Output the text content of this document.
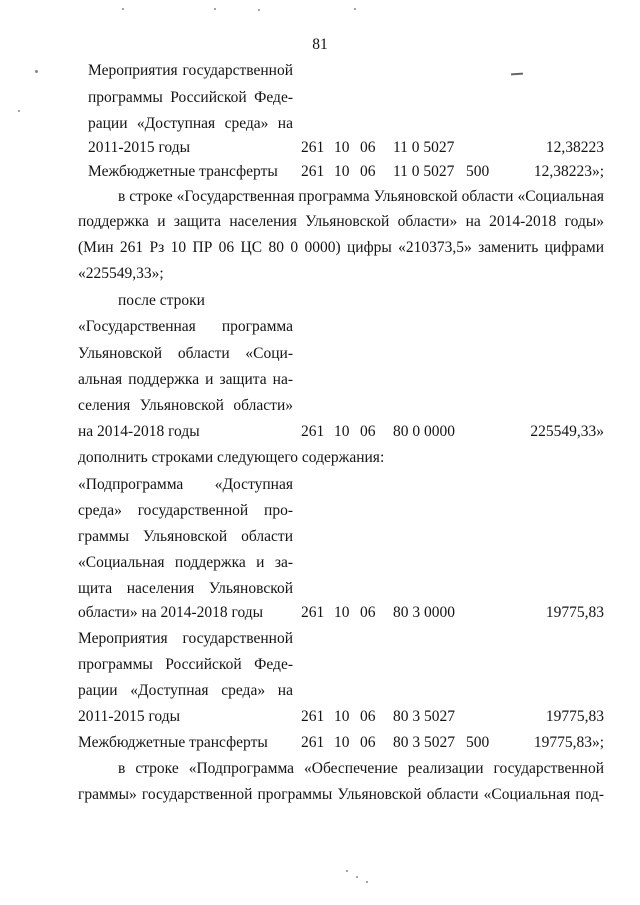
81
Мероприятия государственной
программы Российской Феде-
рации «Доступная среда» на
2011-2015 годы	261 10 06 11 0 5027	12,38223
Межбюджетные трансферты	261 10 06 11 0 5027 500	12,38223»;
в строке «Государственная программа Ульяновской области «Социальная
поддержка и защита населения Ульяновской области» на 2014-2018 годы»
(Мин 261 Рз 10 ПР 06 ЦС 80 0 0000) цифры «210373,5» заменить цифрами
«225549,33»;
после строки
«Государственная программа
Ульяновской области «Соци-
альная поддержка и защита на-
селения Ульяновской области»
на 2014-2018 годы	261 10 06 80 0 0000	225549,33»
дополнить строками следующего содержания:
«Подпрограмма «Доступная
среда» государственной про-
граммы Ульяновской области
«Социальная поддержка и за-
щита населения Ульяновской
области» на 2014-2018 годы	261 10 06 80 3 0000	19775,83
Мероприятия государственной
программы Российской Феде-
рации «Доступная среда» на
2011-2015 годы	261 10 06 80 3 5027	19775,83
Межбюджетные трансферты	261 10 06 80 3 5027 500	19775,83»;
в строке «Подпрограмма «Обеспечение реализации государственной
граммы» государственной программы Ульяновской области «Социальная под-
